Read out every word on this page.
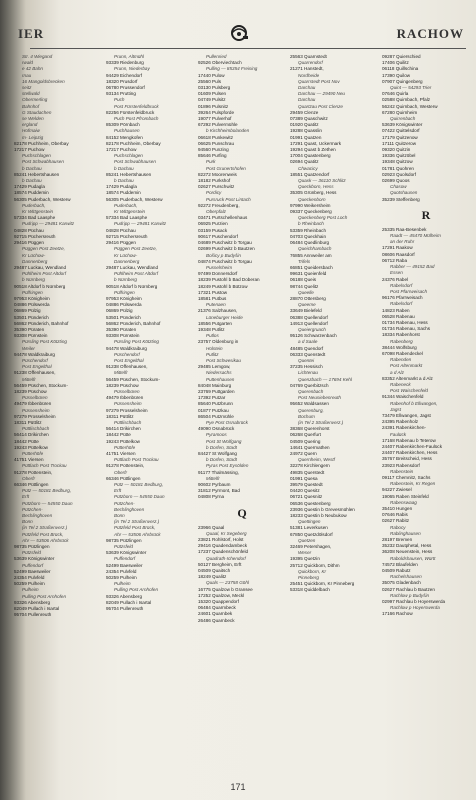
IER	RACHOW
Str. 4 Wiegand
rwald
e 42 Bahn
rnau
16 Mangoldsbrecken
seitz
stellwald
Obermerling
Bahnhof
G Staudachen
se Welden
ergland
Hofmaiw
m- Leipzig
82178 Puchheim, Oberbay
17217 Puchow
Puchschlagen
Post Schwabhausen
b Dachau
85241 Hebertshausen
b Dachau
17429 Pudagla
18574 Puddemin
56305 Puderbach, Westerw
Puderbach,
Kr Wittgenstein
57334 Bad Laasphe
Pudripp — 29481 Karwitz
04828 Püchau
92715 Püchersreuth
29416 Püggen
Püggen Post Zeetze,
Kr Lüchow-
Dannenberg
29487 Luckau, Wendland
Pühlheim Post Altdorf
b Nürnberg
90518 Altdorf b Nürnberg
Pülfringen
97953 Königheim
04886 Pülswerda
06869 Pülzig
53501 Pünderich
56862 Pünderich, Bahnhof
35390 Püraten
93308 Pürnstein
Pürsling Post Kötzting
Weiler
94478 Waldkraiburg
Püschendorf
Post Engelthal
91238 Offenhausen,
Mittelfr
56459 Püschen, Stockum-
18239 Püschow
Püsselbüren
49479 Ibbenbüren
Püssensheim
97279 Prosselsheim
18311 Püttlitz
Püttlischbach
56414 Drikirchen
18442 Pütte
19243 Püttelkow
Pütterhöfe
41751 Viersen
Püttlach Post Trockau
91278 Pottenstein,
Oberfr
66346 Püttlingen
Pütz — 50181 Bedburg,
Erft
Pützborn — 54550 Daun
Pützchen-
Bechlinghoven
Bonn
(in Tel 2 Straßenverz.)
Pützfeld Post Brück,
Ahr — 53506 Ahrbrück
98735 Pützlingen
Pützsfeld
53639 Königswinter
Puffendorf
52499 Baesweiler
24354 Pulvfeld
50259 Pulheim
Pulheim
Pulling Post Arnhofen
93326 Abensberg
82049 Pullach i Isartal
95704 Pullenreuth
Prunn, Altmühl
93339 Riedenburg
Prunn, Niederbay
94429 Eichendorf
18320 Prusdorf
06780 Prussendorf
93134 Prutting
Puch
Post Fürstenfeldbruck
82256 Fürstenfeldbruck
Puch Post Pfrombach
85309 Pörnbach
Puchhausen
84152 Mengkofen
82178 Puchheim, Oberbay
17217 Puchow
Puchschlagen
Post Schwabhausen
b Dachau
85241 Hebertshausen
b Dachau
17429 Pudagla
18574 Puddemin
56305 Puderbach, Westerw
Puderbach,
Kr Wittgenstein
57334 Bad Laasphe
Pudripp — 29481 Karwitz
04828 Püchau
92715 Püchersreuth
29416 Püggen
Püggen Post Zeetze,
Kr Lüchow-
Dannenberg
29487 Luckau, Wendland
Pühlheim Post Altdorf
b Nürnberg
90518 Altdorf b Nürnberg
Pülfringen
97953 Königheim
04886 Pülswerda
06869 Pülzig
53501 Pünderich
56862 Pünderich, Bahnhof
35390 Püraten
93308 Pürnstein
Pürsling Post Kötzting
94478 Waldkraiburg
Püschendorf
Post Engelthal
91238 Offenhausen,
Mittelfr
56459 Püschen, Stockum-
18239 Püschow
Püsselbüren
49479 Ibbenbüren
Püssensheim
97279 Prosselsheim
18311 Püttlitz
Püttlischbach
56414 Drikirchen
18442 Pütte
19243 Püttelkow
Pütterhöfe
41751 Viersen
Püttlach Post Trockau
91278 Pottenstein,
Oberfr
66346 Püttlingen
Pütz — 50181 Bedburg,
Erft
Pützborn — 54550 Daun
Pützchen-
Bechlinghoven
Bonn
(in Tel 2 Straßenverz.)
Pützfeld Post Brück,
Ahr — 53506 Ahrbrück
98735 Pützlingen
Pützsfeld
53639 Königswinter
Puffendorf
52499 Baesweiler
24354 Pulvfeld
50259 Pulheim
Pulheim
Pulling Post Arnhofen
93326 Abensberg
82049 Pullach i Isartal
95704 Pullenreuth
Pullenried
92526 Oberviechtach
Pulling — 85354 Freising
17440 Pulow
25560 Puls
03130 Pulsberg
01609 Pulsen
04749 Pulsitz
01896 Pulsnitz
39264 Pulspforde
19077 Pulverhof
67292 Pulvermühle
b Kirchheimbolanden
06618 Punkewitz
06625 Punschrau
94560 Punzing
85646 Purfing
Purk
Post Grunertshofen
82272 Moorenweis
18182 Purkshof
02627 Purschwitz
Pordicy
Pursruck Post Lintach
92272 Freudenberg,
Oberpfalz
03471 Purtschellenhaus
06925 Purzien
03159 Pusack
90617 Puschendorf
04689 Puschwitz b Torgau
02699 Puschwitz b Bautzen
Bošicy p Budyšin
04874 Puschwitz b Torgau
Pusselsheim
97499 Donnersdorf
18239 Pustohl b Bad Doberan
18249 Pustohl b Bützow
17321 Pustow
18581 Putbus
Putenaen
21376 Salzhausen,
Lüneburger Heide
18556 Putgarten
19348 Putlitz
Putlos
23757 Oldenburg in
Holstein
Putlitz
Post Schwesikau
29485 Lemgow,
Niedersachs
Puttenhausen
84048 Mainburg
23769 Puttgarden
17392 Putzar
85640 Putzbrunn
01877 Putzkau
86504 Putzmühle
Pye Post Osnabrück
49090 Osnabrück
Pyramoos
Post St Wolfgang
b Dorfen, Stadt
84427 St Wolfgang
b Dorfen, Stadt
Pyras Post Eysölden
91177 Thalmässing,
Mittelfr
90602 Pyrbaum
31812 Pyrmont, Bad
04808 Pyrna
Q
23966 Quaal
Quaal, Kr Segeberg
23821 Rohlstorf, Holst
29416 Quadendambeck
17237 Quadenschönfeld
Quadrath-Ichendorf
50127 Bergheim, Erft
04509 Quaitsch
18249 Qualitz
Quals — 23758 Göhl
16775 Qualzow b Gransee
17252 Qualzow, Meckl
15320 Quappendorf
06484 Quarmbeck
24601 Quarnbek
26486 Quarnbeck
25563 Quarnstedt
Quarrendorf
21271 Hanstedt,
Nordheide
Quarrstedt Post Nov
Darchau
Darchau — 29490 Neu
Darchau
Quartzau Post Clenze
29459 Clenze
07389 Quaschwitz
01920 Quatitz
19288 Quasslin
01991 Quatzen
17291 Quast, Uckermark
19294 Quast b Zethen
17004 Quastenberg
02694 Quatitz
Chwacicy
18551 Quatzendorf
Quaxk — 36110 Schlitz
Queckborn, Hess
35305 Grünberg, Hess
Queckenborn
97990 Weikersheim
09337 Queckenberg
Queckenberg Post Loch
b Rheinbach
53359 Rheinbach
04703 Queckhain
06484 Quedlinburg
Queichhambach
76855 Annweiler am
Trifels
66851 Queidersbach
99631 Queienfeld
06188 Queis
98744 Quelitz
Queelle
28870 Ottersberg
Queeme
33649 Bielefeld
06388 Quellendorf
14913 Quellendorf
Queiergruach
95126 Schwarzenbach
a d Saale
48485 Quendorf
06333 Quenstedt
Quentei
37235 Hessisch
Lichtenau
Quenzbach — 17694 Kehl
04769 Querbitzsch
Querenbach
Post Neusiebenreuth
95652 Waldsassen
Querenburg,
Bochum
(in Tel 2 Straßenverz.)
38368 Querenhorst
06268 Querfurt
04509 Quering
14641 Quermathen
24972 Quern
Quernheim, Westf
32278 Kirchlengern
49835 Querstedt
01991 Quesa
39579 Questedt
04420 Quesitz
06721 Quesnitz
06536 Questenberg
23936 Questin b Grevesmühlen
18233 Questin b Neubukow
Quettingen
51381 Leverkusen
67850 Quetzdölsdorf
Quetzen
32469 Petershagen,
Weser
19395 Quetzin
25712 Quickborn, Dithm
Quickborn, Kr
Pinneberg
25451 Quickborn, Kr Pinneberg
53318 Quiddelbach
09287 Quierschied
17406 Quilitz
06118 Quillschina
17390 Quilow
07907 Quingenberg
Quint — 54293 Trier
07646 Quirla
02588 Quirnbach, Pfalz
56242 Quirnbach, Westerw
67280 Quirnheim
Quirrenbach
53639 Königswinter
07422 Quittelsdorf
17179 Quitzenow
17111 Quitzerow
09320 Quitzin
19336 Quitzöbel
19348 Quitzow
01781 Quohren
02923 Quolsdorf
02699 Quoos
Chasow
Quotshausen
35239 Steffenberg
R
25335 Raa-Besenbek
Raadt — 45470 Mülheim
an der Ruhr
17291 Raakow
08606 Raasdorf
06712 Raba
Rabber — 49152 Bad
Essen
24376 Rabel
Rabelsdorf
Post Pfarrweisach
96176 Pfarrweisach
Rabelsdorf
14823 Raben
06528 Rabenau
01734 Rabenau, Hess
01734 Rabenau, Sachs
18334 Rabenhorst
Rabenberg
38444 Wolfsburg
67098 Rabendeckel
Rabenden
Post Altenmarkt
a d Alz
83352 Altenmarkt a d Alz
Rabeneck
Post Waischenfeld
91344 Waischenfeld
Rabenhof b Ellwangen,
Jagst
73479 Ellwangen, Jagst
24395 Rabenholz
24391 Rabenkirchen-
Faulück
17168 Rabenau b Teterow
24407 Rabenkirchen-Faulück
24407 Rabenkirchen, Hess
35767 Breitscheid, Hess
23923 Rabensdorf
Rabenstein
09117 Chemnitz, Sachs
Rabenstein, Kr Regen
94227 Zwiesel
19065 Raben Steinfeld
Rabenswaag
35410 Hungen
07646 Rabis
02627 Rabitz
Rabocy
Rablinghausen
28197 Bremen
35232 Dautphetal, Hess
36208 Neuenstein, Hess
Raboldshausen, Württ
74572 Blaufelden
04509 Rabutz
Rachelshausen
35075 Gladenbach
02627 Rachlau b Bautzen
Rachlow p Budyšin
02997 Rachlau b Hoyerswerda
Rachlow p Hoyerswerda
17166 Rachow
171
